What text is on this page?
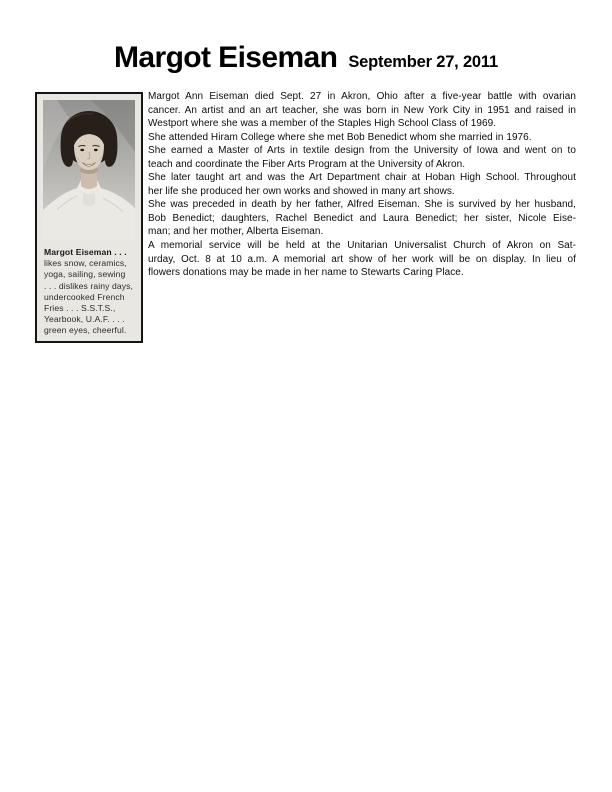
Margot Eiseman September 27, 2011
Margot Eiseman . . .
likes snow, ceramics,
yoga, sailing, sewing
. . . dislikes rainy days,
undercooked French
Fries . . . S.S.T.S.,
Yearbook, U.A.F. . . .
green eyes, cheerful.
Margot Ann Eiseman died Sept. 27 in Akron, Ohio after a five-year battle with ovarian
cancer. An artist and an art teacher, she was born in New York City in 1951 and raised in
Westport where she was a member of the Staples High School Class of 1969.
She attended Hiram College where she met Bob Benedict whom she married in 1976.
She earned a Master of Arts in textile design from the University of Iowa and went on to
teach and coordinate the Fiber Arts Program at the University of Akron.
She later taught art and was the Art Department chair at Hoban High School. Throughout
her life she produced her own works and showed in many art shows.
She was preceded in death by her father, Alfred Eiseman. She is survived by her husband,
Bob Benedict; daughters, Rachel Benedict and Laura Benedict; her sister, Nicole Eise-
man; and her mother, Alberta Eiseman.
A memorial service will be held at the Unitarian Universalist Church of Akron on Sat-
urday, Oct. 8 at 10 a.m. A memorial art show of her work will be on display. In lieu of
flowers donations may be made in her name to Stewarts Caring Place.
